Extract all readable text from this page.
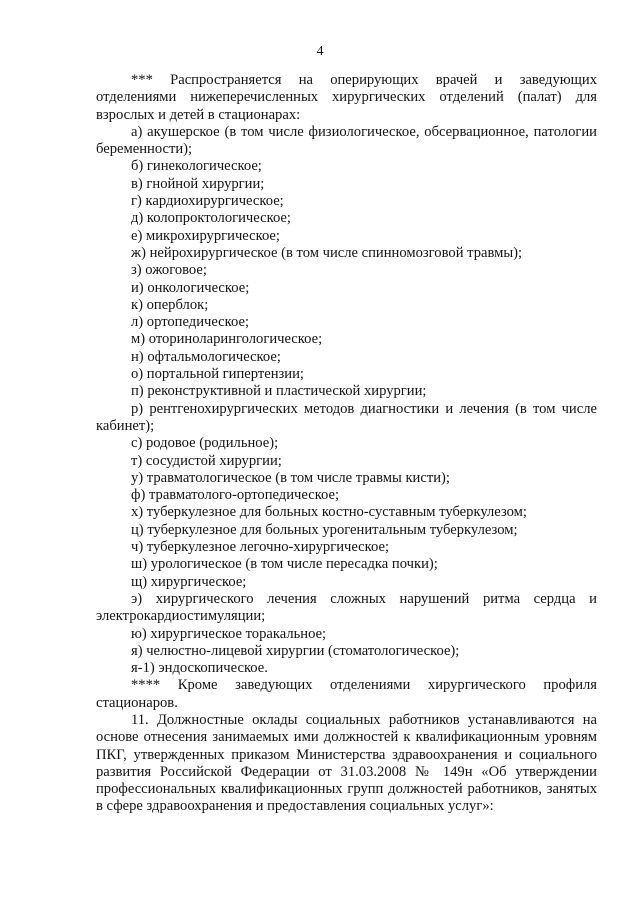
4

*** Распространяется на оперирующих врачей и заведующих отделениями нижеперечисленных хирургических отделений (палат) для взрослых и детей в стационарах:

а) акушерское (в том числе физиологическое, обсервационное, патологии беременности);

б) гинекологическое;

в) гнойной хирургии;

г) кардиохирургическое;

д) колопроктологическое;

е) микрохирургическое;

ж) нейрохирургическое (в том числе спинномозговой травмы);

з) ожоговое;

и) онкологическое;

к) оперблок;

л) ортопедическое;

м) оториноларингологическое;

н) офтальмологическое;

о) портальной гипертензии;

п) реконструктивной и пластической хирургии;

р) рентгенохирургических методов диагностики и лечения (в том числе кабинет);

с) родовое (родильное);

т) сосудистой хирургии;

у) травматологическое (в том числе травмы кисти);

ф) травматолого-ортопедическое;

х) туберкулезное для больных костно-суставным туберкулезом;

ц) туберкулезное для больных урогенитальным туберкулезом;

ч) туберкулезное легочно-хирургическое;

ш) урологическое (в том числе пересадка почки);

щ) хирургическое;

э) хирургического лечения сложных нарушений ритма сердца и электрокардиостимуляции;

ю) хирургическое торакальное;

я) челюстно-лицевой хирургии (стоматологическое);

я-1) эндоскопическое.

**** Кроме заведующих отделениями хирургического профиля стационаров.

11. Должностные оклады социальных работников устанавливаются на основе отнесения занимаемых ими должностей к квалификационным уровням ПКГ, утвержденных приказом Министерства здравоохранения и социального развития Российской Федерации от 31.03.2008 № 149н «Об утверждении профессиональных квалификационных групп должностей работников, занятых в сфере здравоохранения и предоставления социальных услуг»:
